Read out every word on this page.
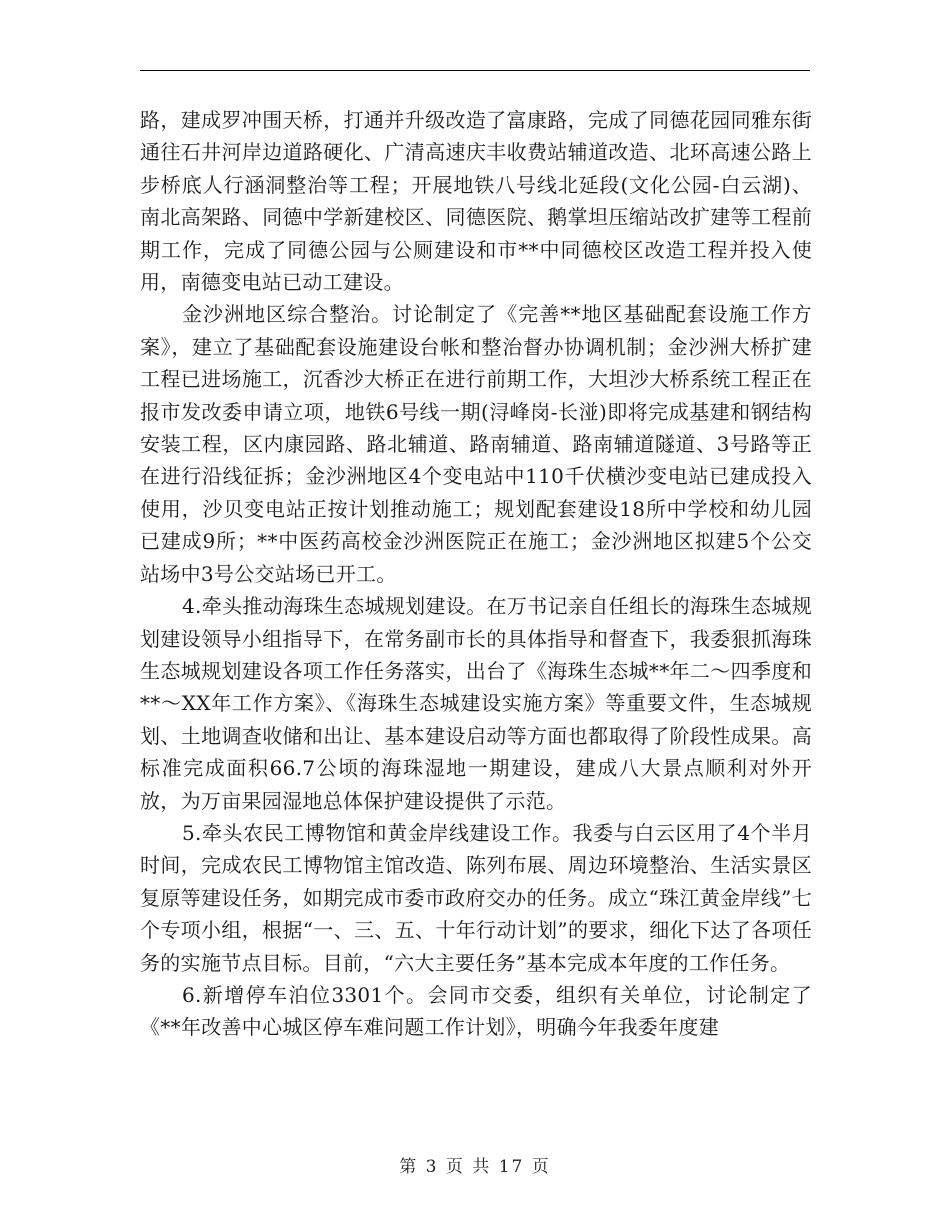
路，建成罗冲围天桥，打通并升级改造了富康路，完成了同德花园同雅东街通往石井河岸边道路硬化、广清高速庆丰收费站辅道改造、北环高速公路上步桥底人行涵洞整治等工程；开展地铁八号线北延段(文化公园-白云湖)、南北高架路、同德中学新建校区、同德医院、鹅掌坦压缩站改扩建等工程前期工作，完成了同德公园与公厕建设和市**中同德校区改造工程并投入使用，南德变电站已动工建设。

金沙洲地区综合整治。讨论制定了《完善**地区基础配套设施工作方案》，建立了基础配套设施建设台帐和整治督办协调机制；金沙洲大桥扩建工程已进场施工，沉香沙大桥正在进行前期工作，大坦沙大桥系统工程正在报市发改委申请立项，地铁6号线一期(浔峰岗-长湴)即将完成基建和钢结构安装工程，区内康园路、路北辅道、路南辅道、路南辅道隧道、3号路等正在进行沿线征拆；金沙洲地区4个变电站中110千伏横沙变电站已建成投入使用，沙贝变电站正按计划推动施工；规划配套建设18所中学校和幼儿园已建成9所；**中医药高校金沙洲医院正在施工；金沙洲地区拟建5个公交站场中3号公交站场已开工。

4.牵头推动海珠生态城规划建设。在万书记亲自任组长的海珠生态城规划建设领导小组指导下，在常务副市长的具体指导和督查下，我委狠抓海珠生态城规划建设各项工作任务落实，出台了《海珠生态城**年二～四季度和**～XX年工作方案》、《海珠生态城建设实施方案》等重要文件，生态城规划、土地调查收储和出让、基本建设启动等方面也都取得了阶段性成果。高标准完成面积66.7公顷的海珠湿地一期建设，建成八大景点顺利对外开放，为万亩果园湿地总体保护建设提供了示范。

5.牵头农民工博物馆和黄金岸线建设工作。我委与白云区用了4个半月时间，完成农民工博物馆主馆改造、陈列布展、周边环境整治、生活实景区复原等建设任务，如期完成市委市政府交办的任务。成立“珠江黄金岸线”七个专项小组，根据“一、三、五、十年行动计划”的要求，细化下达了各项任务的实施节点目标。目前，“六大主要任务”基本完成本年度的工作任务。

6.新增停车泊位3301个。会同市交委，组织有关单位，讨论制定了《**年改善中心城区停车难问题工作计划》，明确今年我委年度建

第 3 页 共 17 页
